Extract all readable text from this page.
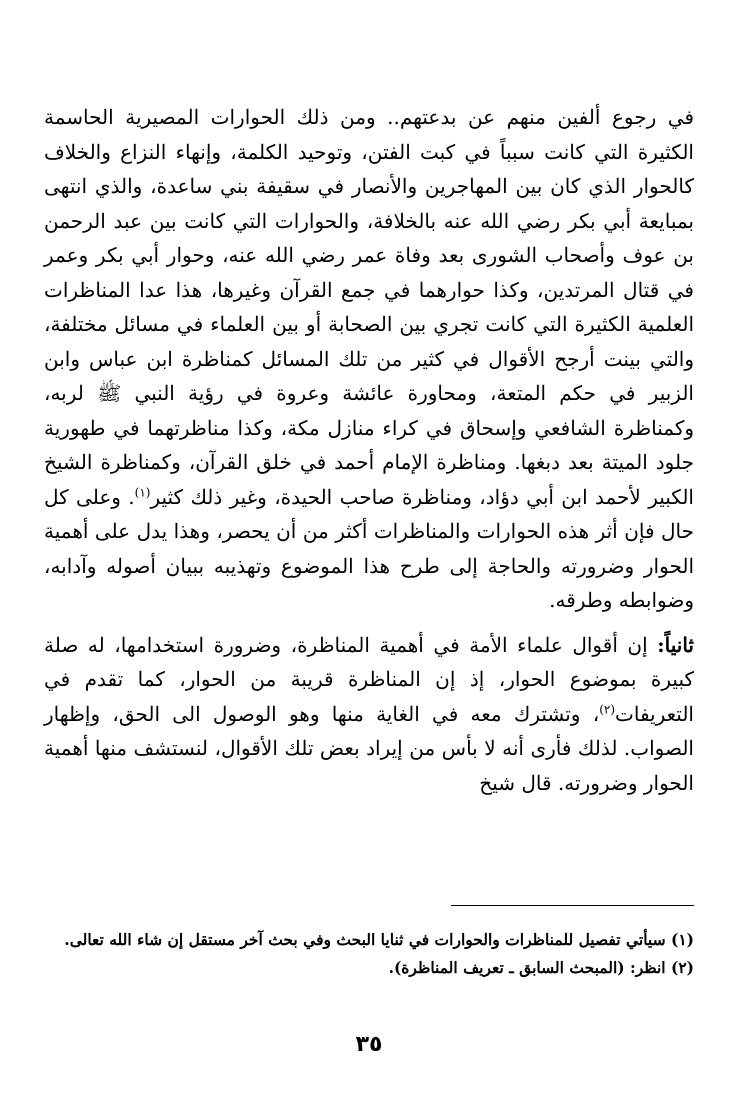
في رجوع ألفين منهم عن بدعتهم.. ومن ذلك الحوارات المصيرية الحاسمة الكثيرة التي كانت سبباً في كبت الفتن، وتوحيد الكلمة، وإنهاء النزاع والخلاف كالحوار الذي كان بين المهاجرين والأنصار في سقيفة بني ساعدة، والذي انتهى بمبايعة أبي بكر رضي الله عنه بالخلافة، والحوارات التي كانت بين عبد الرحمن بن عوف وأصحاب الشورى بعد وفاة عمر رضي الله عنه، وحوار أبي بكر وعمر في قتال المرتدين، وكذا حوارهما في جمع القرآن وغيرها، هذا عدا المناظرات العلمية الكثيرة التي كانت تجري بين الصحابة أو بين العلماء في مسائل مختلفة، والتي بينت أرجح الأقوال في كثير من تلك المسائل كمناظرة ابن عباس وابن الزبير في حكم المتعة، ومحاورة عائشة وعروة في رؤية النبي ﷺ لربه، وكمناظرة الشافعي وإسحاق في كراء منازل مكة، وكذا مناظرتهما في طهورية جلود الميتة بعد دبغها. ومناظرة الإمام أحمد في خلق القرآن، وكمناظرة الشيخ الكبير لأحمد ابن أبي دؤاد، ومناظرة صاحب الحيدة، وغير ذلك كثير$^{(١)}$. وعلى كل حال فإن أثر هذه الحوارات والمناظرات أكثر من أن يحصر، وهذا يدل على أهمية الحوار وضرورته والحاجة إلى طرح هذا الموضوع وتهذيبه ببيان أصوله وآدابه، وضوابطه وطرقه.

ثانياً: إن أقوال علماء الأمة في أهمية المناظرة، وضرورة استخدامها، له صلة كبيرة بموضوع الحوار، إذ إن المناظرة قريبة من الحوار، كما تقدم في التعريفات$^{(٢)}$، وتشترك معه في الغاية منها وهو الوصول الى الحق، وإظهار الصواب. لذلك فأرى أنه لا بأس من إيراد بعض تلك الأقوال، لنستشف منها أهمية الحوار وضرورته. قال شيخ

(١) سيأتي تفصيل للمناظرات والحوارات في ثنايا البحث وفي بحث آخر مستقل إن شاء الله تعالى.

(٢) انظر: (المبحث السابق ـ تعريف المناظرة).

٣٥
